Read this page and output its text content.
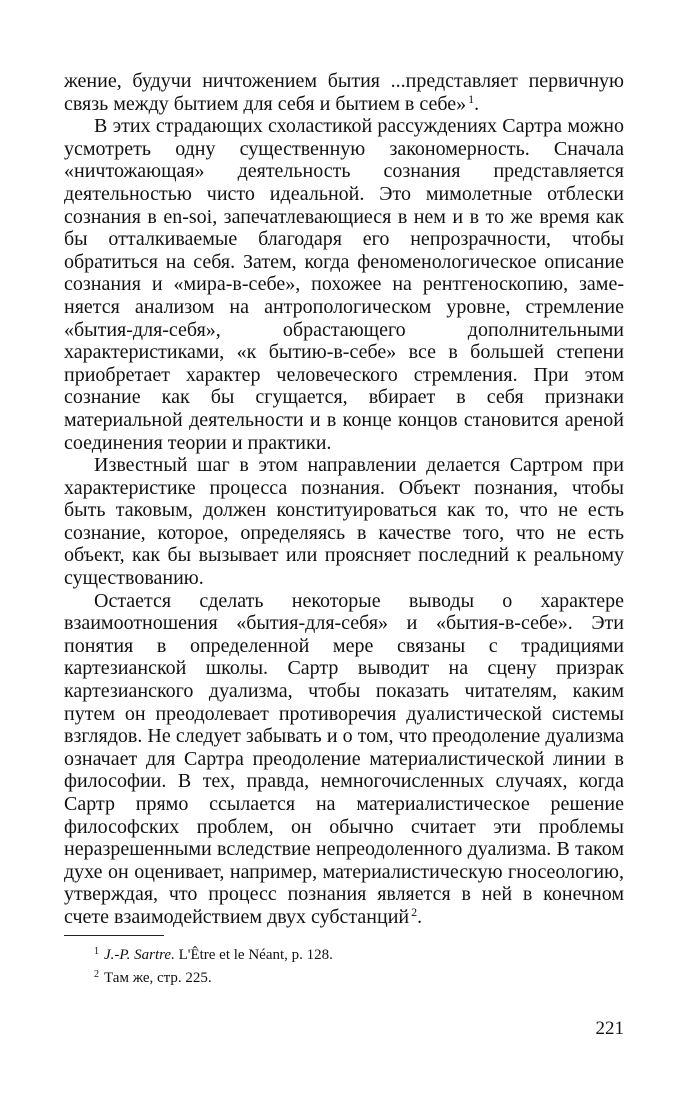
жение, будучи ничтожением бытия ...представляет первичную связь между бытием для себя и бытием в себе» $^1$.

В этих страдающих схоластикой рассуждениях Сартра можно усмотреть одну существенную закономерность. Сначала «ничтожающая» деятельность сознания представляется деятельностью чисто идеальной. Это мимолетные отблески сознания в en-soi, запечатлевающиеся в нем и в то же время как бы отталкиваемые благодаря его непрозрачности, чтобы обратиться на себя. Затем, когда феноменологическое описание сознания и «мира-в-себе», похожее на рентгеноскопию, заменяется анализом на антропологическом уровне, стремление «бытия-для-себя», обрастающего дополнительными характеристиками, «к бытию-в-себе» все в большей степени приобретает характер человеческого стремления. При этом сознание как бы сгущается, вбирает в себя признаки материальной деятельности и в конце концов становится ареной соединения теории и практики.

Известный шаг в этом направлении делается Сартром при характеристике процесса познания. Объект познания, чтобы быть таковым, должен конституироваться как то, что не есть сознание, которое, определяясь в качестве того, что не есть объект, как бы вызывает или проясняет последний к реальному существованию.

Остается сделать некоторые выводы о характере взаимоотношения «бытия-для-себя» и «бытия-в-себе». Эти понятия в определенной мере связаны с традициями картезианской школы. Сартр выводит на сцену призрак картезианского дуализма, чтобы показать читателям, каким путем он преодолевает противоречия дуалистической системы взглядов. Не следует забывать и о том, что преодоление дуализма означает для Сартра преодоление материалистической линии в философии. В тех, правда, немногочисленных случаях, когда Сартр прямо ссылается на материалистическое решение философских проблем, он обычно считает эти проблемы неразрешенными вследствие непреодоленного дуализма. В таком духе он оценивает, например, материалистическую гносеологию, утверждая, что процесс познания является в ней в конечном счете взаимодействием двух субстанций $^2$.

$^1$ J.-P. Sartre. L'Être et le Néant, p. 128.

$^2$ Там же, стр. 225.

221
